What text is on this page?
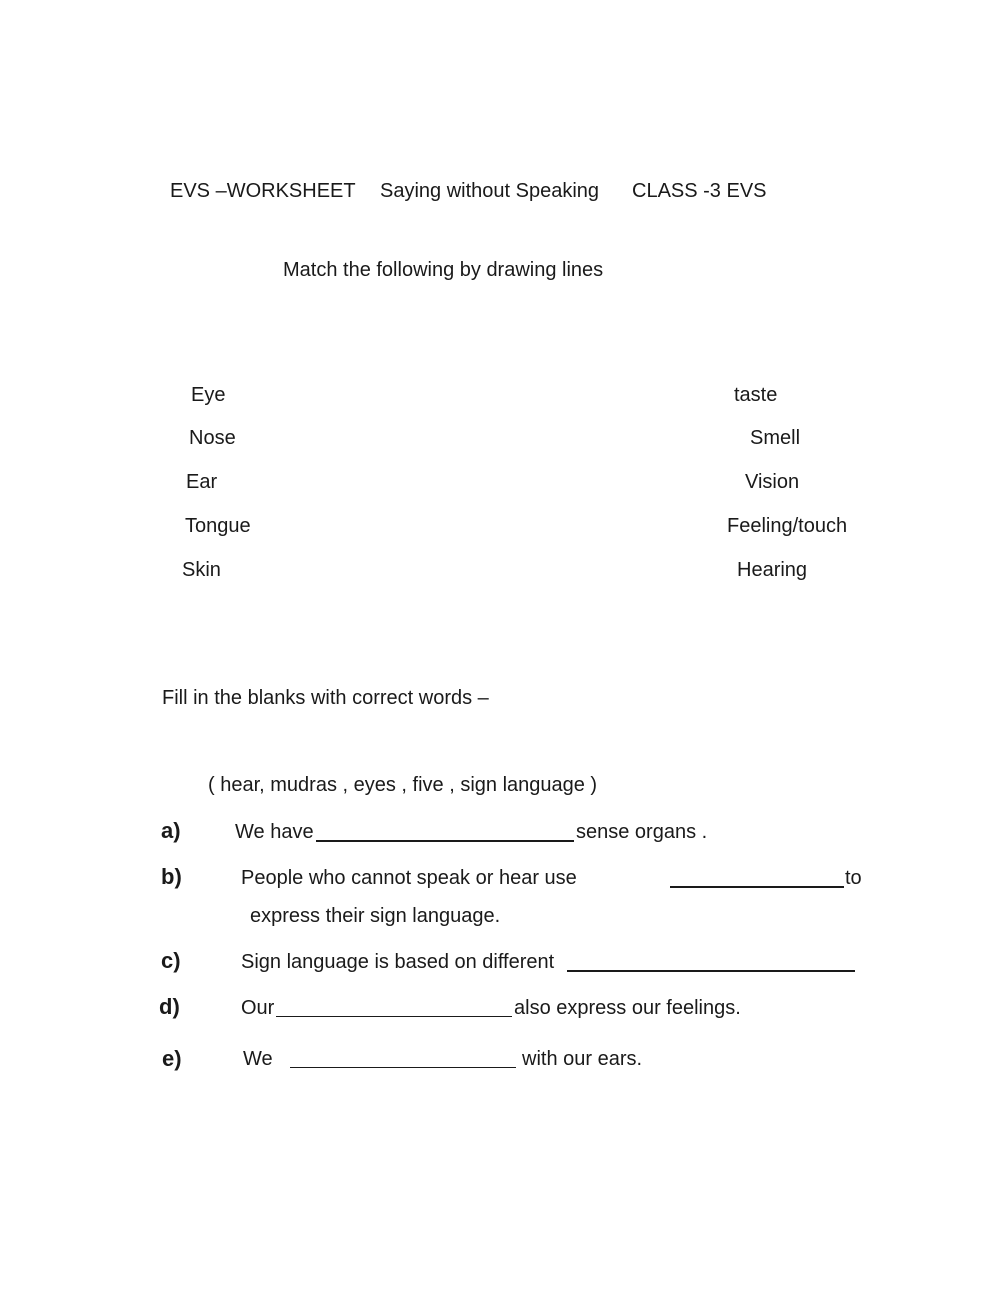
EVS –WORKSHEET Saying without Speaking CLASS -3 EVS
Match the following by drawing lines
Eye
Nose
Ear
Tongue
Skin
taste
Smell
Vision
Feeling/touch
Hearing
Fill in the blanks with correct words –
( hear, mudras , eyes , five , sign language )
a)	We have	sense organs .
b)	People who cannot speak or hear use	to
express their sign language.
c)	Sign language is based on different
d)	Our	also express our feelings.
e)	We	with our ears.
